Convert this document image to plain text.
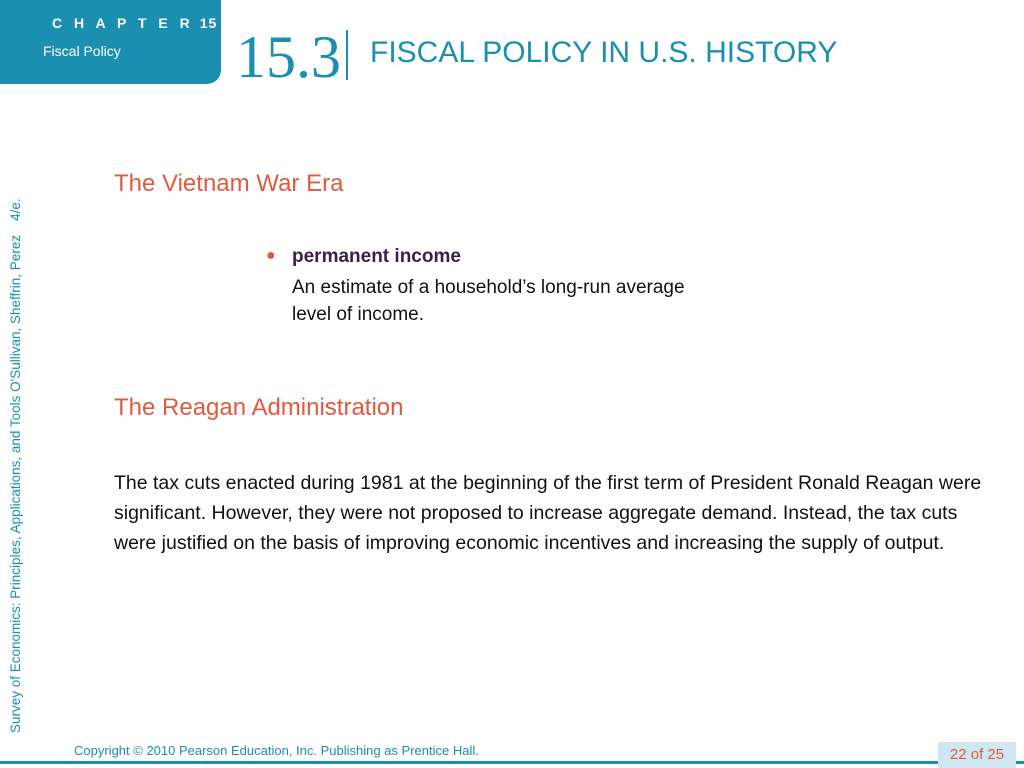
C H A P T E R 15
Fiscal Policy 15.3 FISCAL POLICY IN U.S. HISTORY
Survey of Economics: Principles, Applications, and Tools O'Sullivan, Sheffrin, Perez4/e.
The Vietnam War Era
● permanent income
An estimate of a household’s long-run average level of income.
The Reagan Administration
The tax cuts enacted during 1981 at the beginning of the first term of President Ronald Reagan were significant. However, they were not proposed to increase aggregate demand. Instead, the tax cuts were justified on the basis of improving economic incentives and increasing the supply of output.
Copyright © 2010 Pearson Education, Inc. Publishing as Prentice Hall.	22 of 25
